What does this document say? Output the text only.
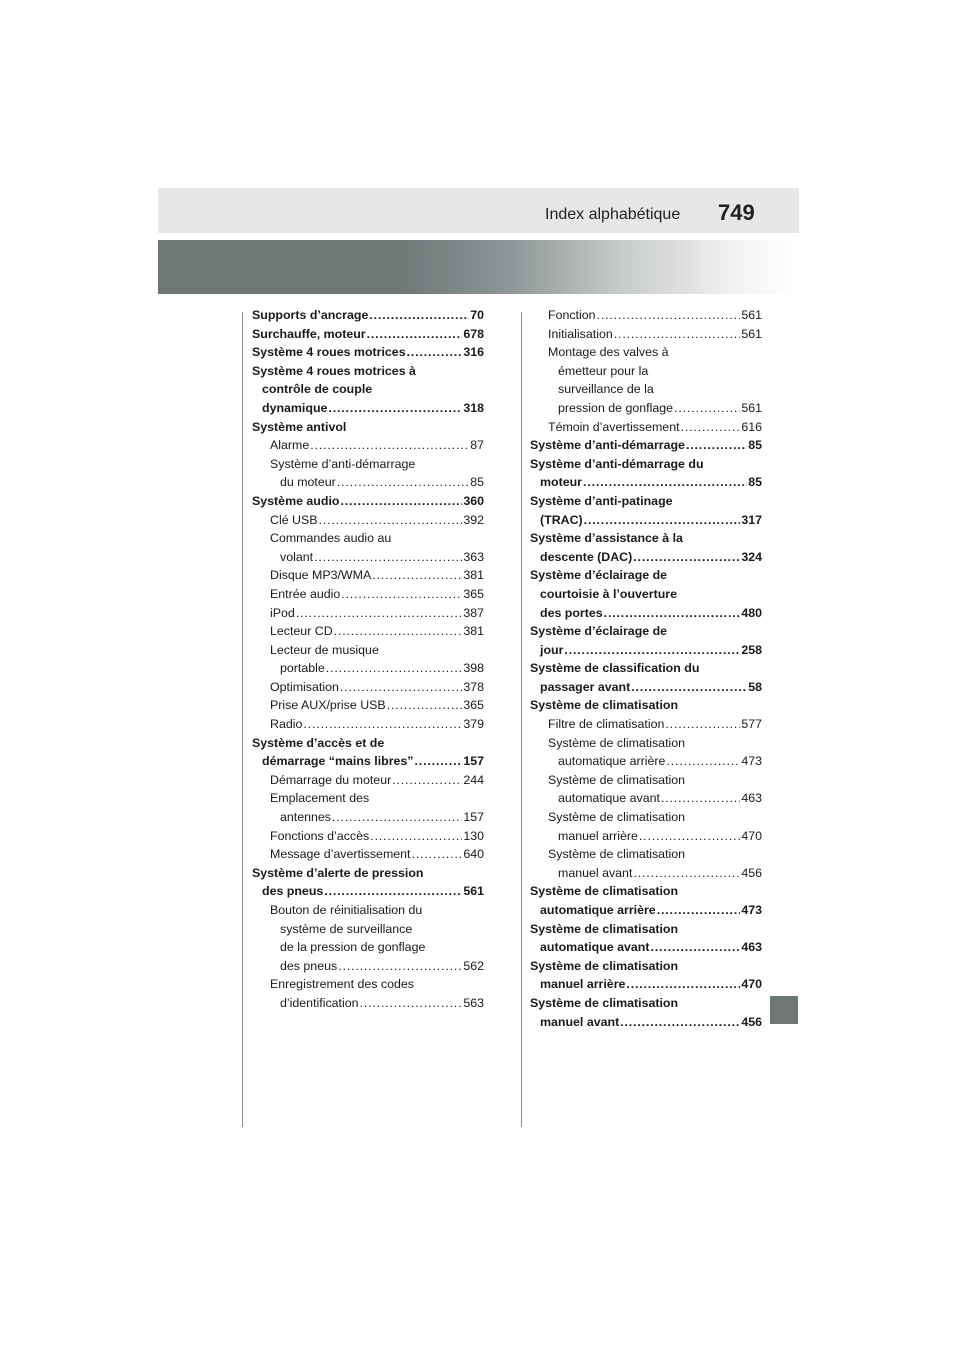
Index alphabétique 749
Supports d’ancrage . . .	70
Surchauffe, moteur . . .	678
Système 4 roues motrices . . .	316
Système 4 roues motrices à
contrôle de couple
dynamique . . .	318
Système antivol
Alarme . . .	87
Système d’anti-démarrage
du moteur . . .	85
Système audio . . .	360
Clé USB . . .	392
Commandes audio au
volant . . .	363
Disque MP3/WMA . . .	381
Entrée audio . . .	365
iPod . . .	387
Lecteur CD . . .	381
Lecteur de musique
portable . . .	398
Optimisation . . .	378
Prise AUX/prise USB . . .	365
Radio . . .	379
Système d’accès et de
démarrage “mains libres” . . .	157
Démarrage du moteur . . .	244
Emplacement des
antennes . . .	157
Fonctions d’accès . . .	130
Message d’avertissement . . .	640
Système d’alerte de pression
des pneus . . .	561
Bouton de réinitialisation du
système de surveillance
de la pression de gonflage
des pneus . . .	562
Enregistrement des codes
d’identification . . .	563
Fonction . . .	561
Initialisation . . .	561
Montage des valves à
émetteur pour la
surveillance de la
pression de gonflage . . .	561
Témoin d’avertissement . . .	616
Système d’anti-démarrage . . .	85
Système d’anti-démarrage du
moteur . . .	85
Système d’anti-patinage
(TRAC) . . .	317
Système d’assistance à la
descente (DAC) . . .	324
Système d’éclairage de
courtoisie à l’ouverture
des portes . . .	480
Système d’éclairage de
jour . . .	258
Système de classification du
passager avant . . .	58
Système de climatisation
Filtre de climatisation . . .	577
Système de climatisation
automatique arrière . . .	473
Système de climatisation
automatique avant . . .	463
Système de climatisation
manuel arrière . . .	470
Système de climatisation
manuel avant . . .	456
Système de climatisation
automatique arrière . . .	473
Système de climatisation
automatique avant . . .	463
Système de climatisation
manuel arrière . . .	470
Système de climatisation
manuel avant . . .	456
